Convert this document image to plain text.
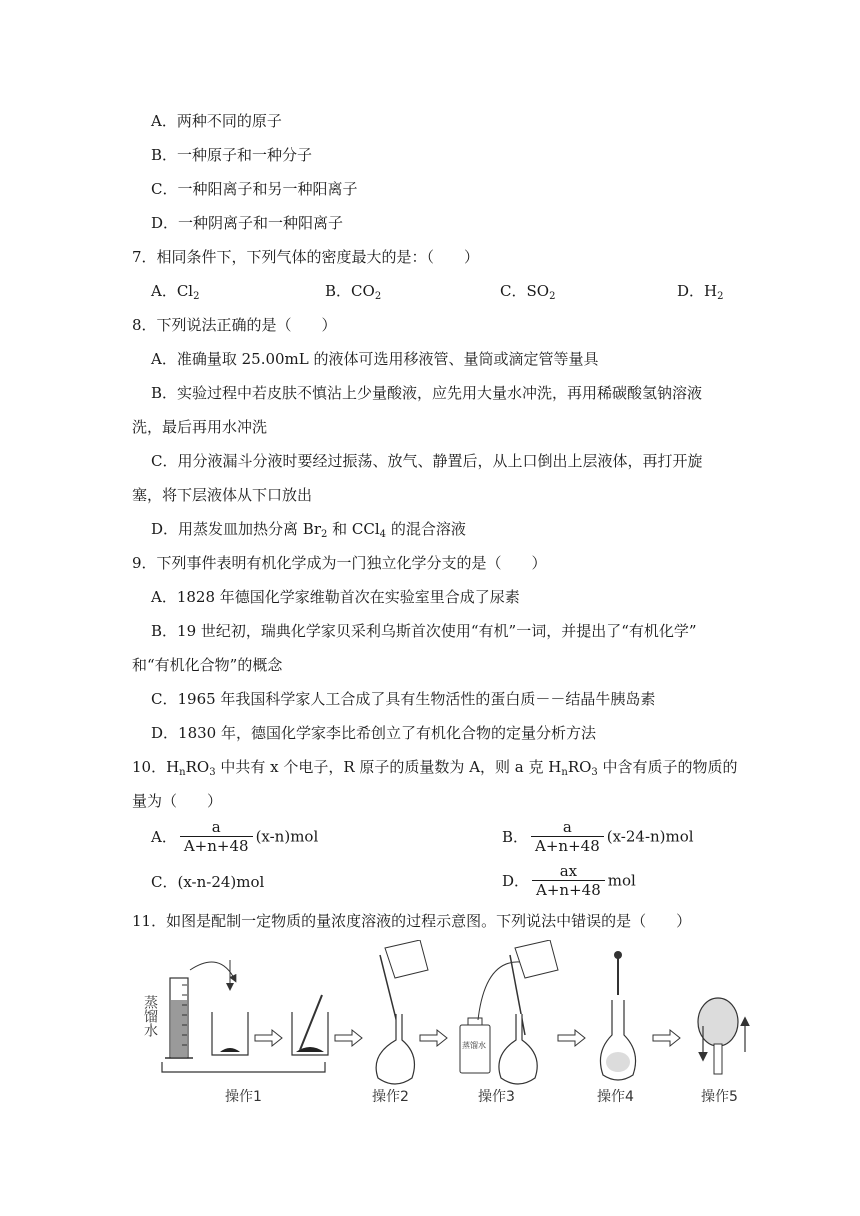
A．两种不同的原子
B．一种原子和一种分子
C．一种阳离子和另一种阳离子
D．一种阴离子和一种阳离子
7．相同条件下，下列气体的密度最大的是：（　　）
A．$Cl_2$	B．$CO_2$	C．$SO_2$	D．$H_2$
8．下列说法正确的是（　　）
A．准确量取 25.00mL 的液体可选用移液管、量筒或滴定管等量具
B．实验过程中若皮肤不慎沾上少量酸液，应先用大量水冲洗，再用稀碳酸氢钠溶液
洗，最后再用水冲洗
C．用分液漏斗分液时要经过振荡、放气、静置后，从上口倒出上层液体，再打开旋
塞，将下层液体从下口放出
D．用蒸发皿加热分离 $Br_2$ 和 CCl$_4$ 的混合溶液
9．下列事件表明有机化学成为一门独立化学分支的是（　　）
A．1828 年德国化学家维勒首次在实验室里合成了尿素
B．19 世纪初，瑞典化学家贝采利乌斯首次使用“有机”一词，并提出了“有机化学”
和“有机化合物”的概念
C．1965 年我国科学家人工合成了具有生物活性的蛋白质－－结晶牛胰岛素
D．1830 年，德国化学家李比希创立了有机化合物的定量分析方法
10．$H_nRO_3$ 中共有 x 个电子，R 原子的质量数为 A，则 a 克 $H_nRO_3$ 中含有质子的物质的
量为（　　）
A． $\frac{a}{A+n+48} (x-n)mol$	B． $\frac{a}{A+n+48} (x-24-n)mol$
C．(x-n-24)mol	D． $\frac{ax}{A+n+48}$ mol
11．如图是配制一定物质的量浓度溶液的过程示意图。下列说法中错误的是（　　）
蒸馏水
蒸馏水
操作1	操作2	操作3	操作4	操作5
